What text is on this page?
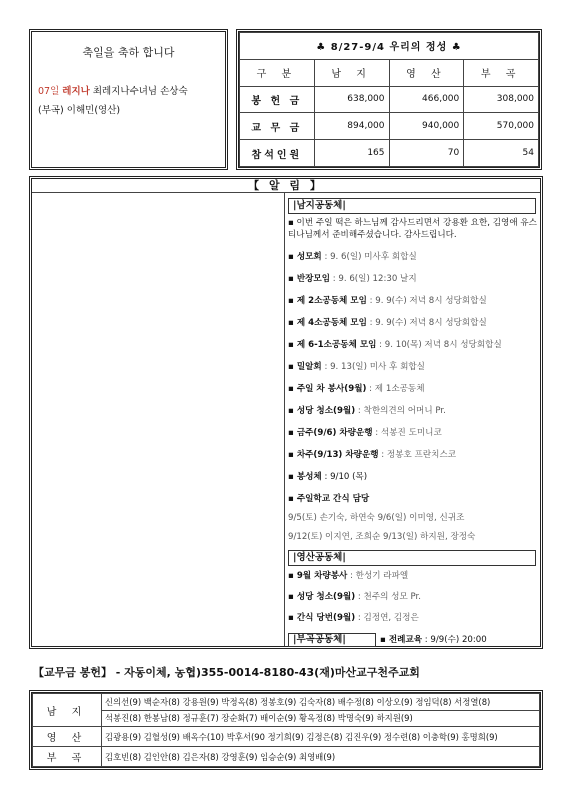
축일을 축하 합니다
07일 레지나 최레지나수녀님 손상숙
(부곡) 이해민(영산)
♣ 8/27-9/4 우리의 정성 ♣			
구 분	남 지	영 산	부 곡
봉 헌 금	638,000	466,000	308,000
교 무 금	894,000	940,000	570,000
참석인원	165	70	54
【 알 림 】
|남지공동체|
▪ 이번 주일 떡은 하느님께 감사드리면서 강용환 요한, 김영애 유스티나님께서 준비해주셨습니다. 감사드립니다.
▪ 성모회 : 9. 6(일) 미사후 회합실
▪ 반장모임 : 9. 6(일) 12:30 날지
▪ 제 2소공동체 모임 : 9. 9(수) 저녁 8시 성당회합실
▪ 제 4소공동체 모임 : 9. 9(수) 저녁 8시 성당회합실
▪ 제 6-1소공동체 모임 : 9. 10(목) 저녁 8시 성당회합실
▪ 밀알회 : 9. 13(일) 미사 후 회합실
▪ 주일 차 봉사(9월) : 제 1소공동체
▪ 성당 청소(9월) : 착한의견의 어머니 Pr.
▪ 금주(9/6) 차량운행 : 석봉진 도미니코
▪ 차주(9/13) 차량운행 : 정봉호 프란치스코
▪ 봉성체 : 9/10 (목)
▪ 주일학교 간식 담당
9/5(토) 손기숙, 하연숙 9/6(일) 이미영, 신귀조
9/12(토) 이지연, 조희순 9/13(일) 하지원, 장정숙
|영산공동체|
▪ 9월 차량봉사 : 한성기 라파엘
▪ 성당 청소(9월) : 천주의 성모 Pr.
▪ 간식 당번(9월) : 김정연, 김정은
|부곡공동체|
【교무금 봉헌】 - 자동이체, 농협)355-0014-8180-43(재)마산교구천주교회
▪ 전례교육 : 9/9(수) 20:00
남 지	신의선(9) 백순자(8) 강용원(9) 박정옥(8) 정봉호(9) 김숙자(8) 배수정(8) 이상오(9) 정임덕(8) 서정열(8)
	석봉진(8) 한봉남(8) 정규훈(7) 장순화(7) 배이순(9) 황옥정(8) 박명숙(9) 하지원(9)
영 산	김광용(9) 김혈성(9) 배옥수(10) 박후서(90 정기희(9) 김정은(8) 김진우(9) 정수련(8) 이충학(9) 홍명희(9)
부 곡	김호빈(8) 김인안(8) 김은자(8) 강영훈(9) 임승순(9) 최영배(9)
